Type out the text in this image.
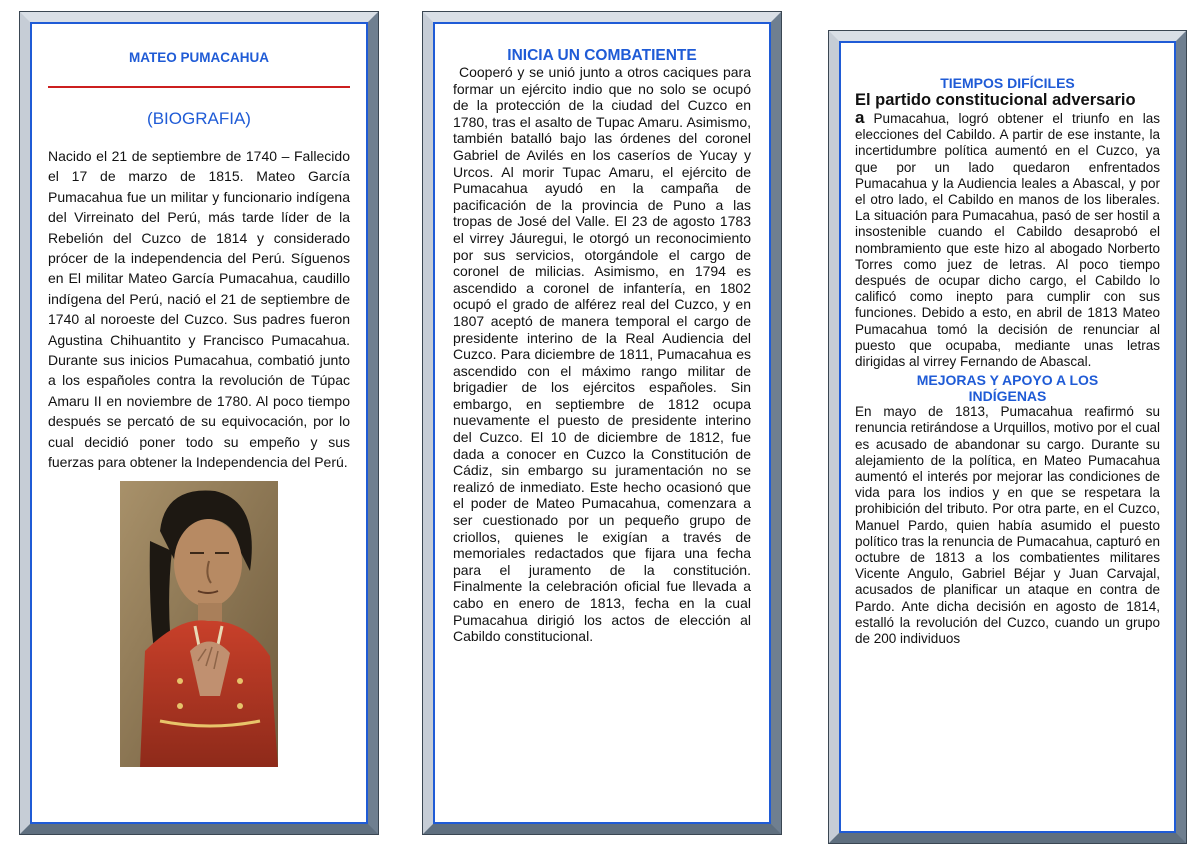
MATEO PUMACAHUA
(BIOGRAFIA)

Nacido el 21 de septiembre de 1740 – Fallecido el 17 de marzo de 1815. Mateo García Pumacahua fue un militar y funcionario indígena del Virreinato del Perú, más tarde líder de la Rebelión del Cuzco de 1814 y considerado prócer de la independencia del Perú. Síguenos en El militar Mateo García Pumacahua, caudillo indígena del Perú, nació el 21 de septiembre de 1740 al noroeste del Cuzco. Sus padres fueron Agustina Chihuantito y Francisco Pumacahua. Durante sus inicios Pumacahua, combatió junto a los españoles contra la revolución de Túpac Amaru II en noviembre de 1780. Al poco tiempo después se percató de su equivocación, por lo cual decidió poner todo su empeño y sus fuerzas para obtener la Independencia del Perú.

INICIA UN COMBATIENTE

Cooperó y se unió junto a otros caciques para formar un ejército indio que no solo se ocupó de la protección de la ciudad del Cuzco en 1780, tras el asalto de Tupac Amaru. Asimismo, también batalló bajo las órdenes del coronel Gabriel de Avilés en los caseríos de Yucay y Urcos. Al morir Tupac Amaru, el ejército de Pumacahua ayudó en la campaña de pacificación de la provincia de Puno a las tropas de José del Valle. El 23 de agosto 1783 el virrey Jáuregui, le otorgó un reconocimiento por sus servicios, otorgándole el cargo de coronel de milicias. Asimismo, en 1794 es ascendido a coronel de infantería, en 1802 ocupó el grado de alférez real del Cuzco, y en 1807 aceptó de manera temporal el cargo de presidente interino de la Real Audiencia del Cuzco. Para diciembre de 1811, Pumacahua es ascendido con el máximo rango militar de brigadier de los ejércitos españoles. Sin embargo, en septiembre de 1812 ocupa nuevamente el puesto de presidente interino del Cuzco. El 10 de diciembre de 1812, fue dada a conocer en Cuzco la Constitución de Cádiz, sin embargo su juramentación no se realizó de inmediato. Este hecho ocasionó que el poder de Mateo Pumacahua, comenzara a ser cuestionado por un pequeño grupo de criollos, quienes le exigían a través de memoriales redactados que fijara una fecha para el juramento de la constitución. Finalmente la celebración oficial fue llevada a cabo en enero de 1813, fecha en la cual Pumacahua dirigió los actos de elección al Cabildo constitucional.

TIEMPOS DIFÍCILES

El partido constitucional adversario

a Pumacahua, logró obtener el triunfo en las elecciones del Cabildo. A partir de ese instante, la incertidumbre política aumentó en el Cuzco, ya que por un lado quedaron enfrentados Pumacahua y la Audiencia leales a Abascal, y por el otro lado, el Cabildo en manos de los liberales. La situación para Pumacahua, pasó de ser hostil a insostenible cuando el Cabildo desaprobó el nombramiento que este hizo al abogado Norberto Torres como juez de letras. Al poco tiempo después de ocupar dicho cargo, el Cabildo lo calificó como inepto para cumplir con sus funciones. Debido a esto, en abril de 1813 Mateo Pumacahua tomó la decisión de renunciar al puesto que ocupaba, mediante unas letras dirigidas al virrey Fernando de Abascal.

MEJORAS Y APOYO A LOS INDÍGENAS

En mayo de 1813, Pumacahua reafirmó su renuncia retirándose a Urquillos, motivo por el cual es acusado de abandonar su cargo. Durante su alejamiento de la política, en Mateo Pumacahua aumentó el interés por mejorar las condiciones de vida para los indios y en que se respetara la prohibición del tributo. Por otra parte, en el Cuzco, Manuel Pardo, quien había asumido el puesto político tras la renuncia de Pumacahua, capturó en octubre de 1813 a los combatientes militares Vicente Angulo, Gabriel Béjar y Juan Carvajal, acusados de planificar un ataque en contra de Pardo. Ante dicha decisión en agosto de 1814, estalló la revolución del Cuzco, cuando un grupo de 200 individuos
